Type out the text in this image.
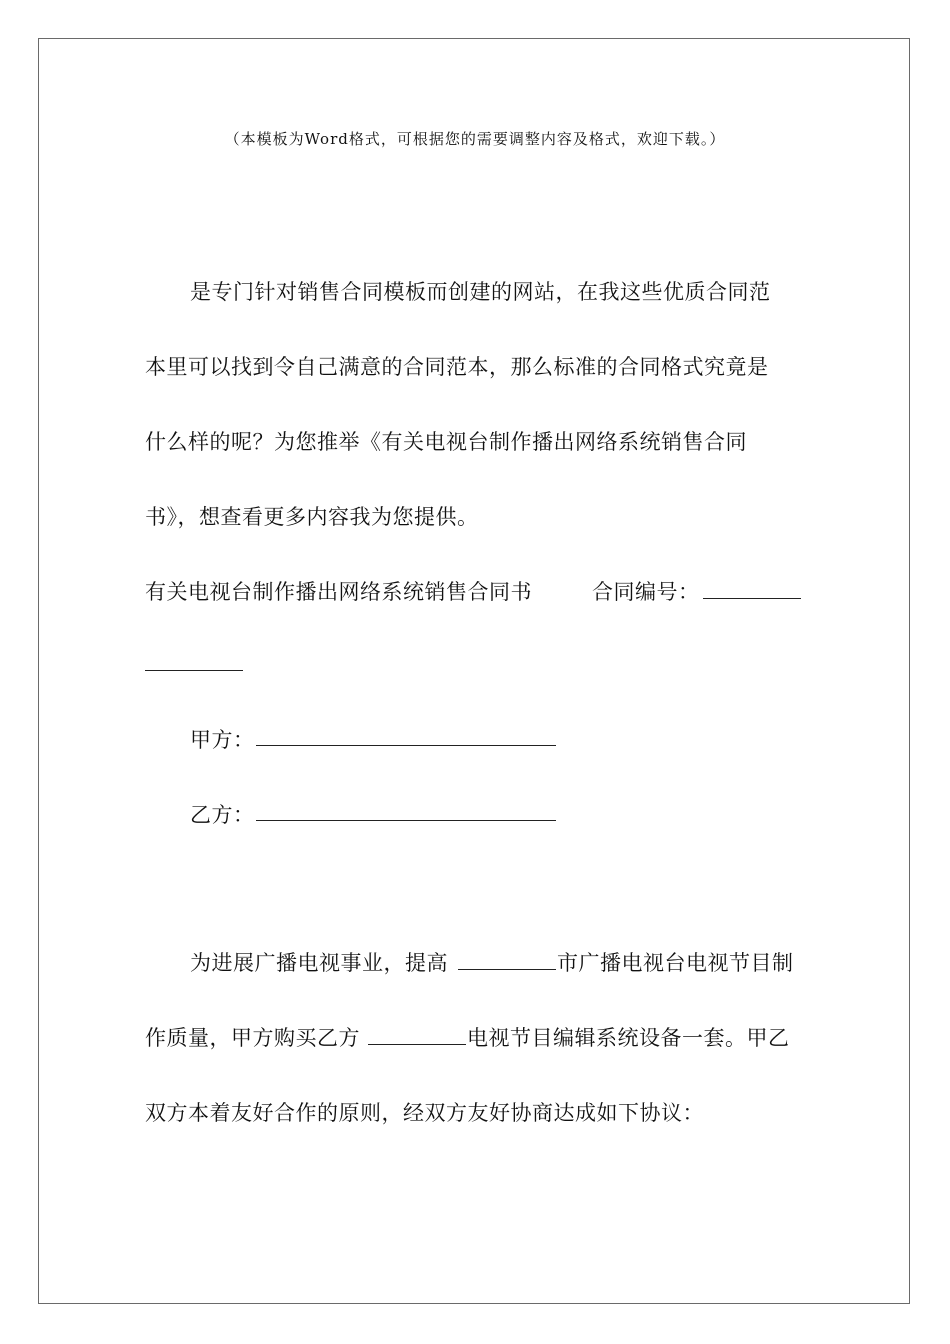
（本模板为Word格式，可根据您的需要调整内容及格式，欢迎下载。）
是专门针对销售合同模板而创建的网站，在我这些优质合同范
本里可以找到令自己满意的合同范本，那么标准的合同格式究竟是
什么样的呢？为您推举《有关电视台制作播出网络系统销售合同
书》，想查看更多内容我为您提供。
有关电视台制作播出网络系统销售合同书	合同编号：
甲方：
乙方：
为进展广播电视事业，提高	市广播电视台电视节目制
作质量，甲方购买乙方	电视节目编辑系统设备一套。甲乙
双方本着友好合作的原则，经双方友好协商达成如下协议：
